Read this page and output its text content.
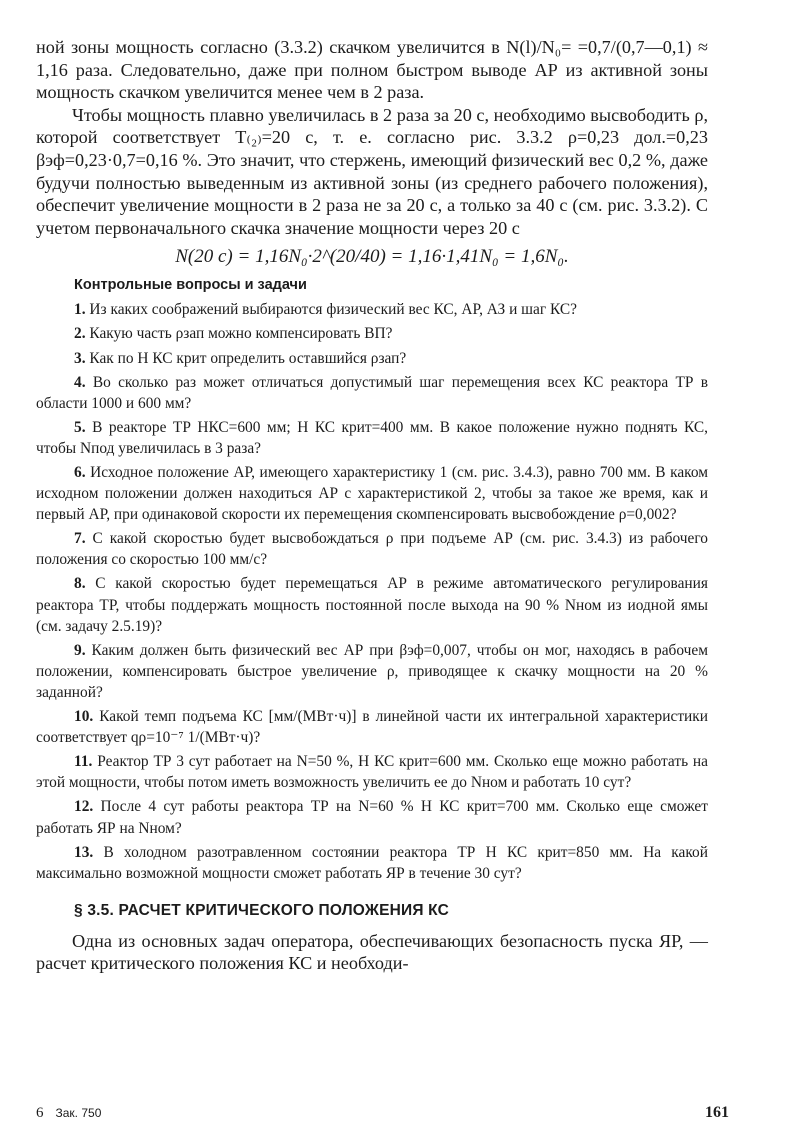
ной зоны мощность согласно (3.3.2) скачком увеличится в N(l)/N₀= =0,7/(0,7—0,1) ≈ 1,16 раза. Следовательно, даже при полном быстром выводе АР из активной зоны мощность скачком увеличится менее чем в 2 раза.

Чтобы мощность плавно увеличилась в 2 раза за 20 с, необходимо высвободить ρ, которой соответствует T₍₂₎=20 с, т. е. согласно рис. 3.3.2 ρ=0,23 дол.=0,23 βэф=0,23·0,7=0,16 %. Это значит, что стержень, имеющий физический вес 0,2 %, даже будучи полностью выведенным из активной зоны (из среднего рабочего положения), обеспечит увеличение мощности в 2 раза не за 20 с, а только за 40 с (см. рис. 3.3.2). С учетом первоначального скачка значение мощности через 20 с

N(20 с) = 1,16N₀·2^(20/40) = 1,16·1,41N₀ = 1,6N₀.
Контрольные вопросы и задачи

1. Из каких соображений выбираются физический вес КС, АР, АЗ и шаг КС?

2. Какую часть ρзап можно компенсировать ВП?

3. Как по H КС крит определить оставшийся ρзап?

4. Во сколько раз может отличаться допустимый шаг перемещения всех КС реактора ТР в области 1000 и 600 мм?

5. В реакторе ТР HКС=600 мм; H КС крит=400 мм. В какое положение нужно поднять КС, чтобы Nпод увеличилась в 3 раза?

6. Исходное положение АР, имеющего характеристику 1 (см. рис. 3.4.3), равно 700 мм. В каком исходном положении должен находиться АР с характеристикой 2, чтобы за такое же время, как и первый АР, при одинаковой скорости их перемещения скомпенсировать высвобождение ρ=0,002?

7. С какой скоростью будет высвобождаться ρ при подъеме АР (см. рис. 3.4.3) из рабочего положения со скоростью 100 мм/с?

8. С какой скоростью будет перемещаться АР в режиме автоматического регулирования реактора ТР, чтобы поддержать мощность постоянной после выхода на 90 % Nном из иодной ямы (см. задачу 2.5.19)?

9. Каким должен быть физический вес АР при βэф=0,007, чтобы он мог, находясь в рабочем положении, компенсировать быстрое увеличение ρ, приводящее к скачку мощности на 20 % заданной?

10. Какой темп подъема КС [мм/(МВт·ч)] в линейной части их интегральной характеристики соответствует qρ=10⁻⁷ 1/(МВт·ч)?

11. Реактор ТР 3 сут работает на N=50 %, H КС крит=600 мм. Сколько еще можно работать на этой мощности, чтобы потом иметь возможность увеличить ее до Nном и работать 10 сут?

12. После 4 сут работы реактора ТР на N=60 % H КС крит=700 мм. Сколько еще сможет работать ЯР на Nном?

13. В холодном разотравленном состоянии реактора ТР H КС крит=850 мм. На какой максимально возможной мощности сможет работать ЯР в течение 30 сут?

§ 3.5. РАСЧЕТ КРИТИЧЕСКОГО ПОЛОЖЕНИЯ КС

Одна из основных задач оператора, обеспечивающих безопасность пуска ЯР, — расчет критического положения КС и необходи-

6 Зак. 750	161
